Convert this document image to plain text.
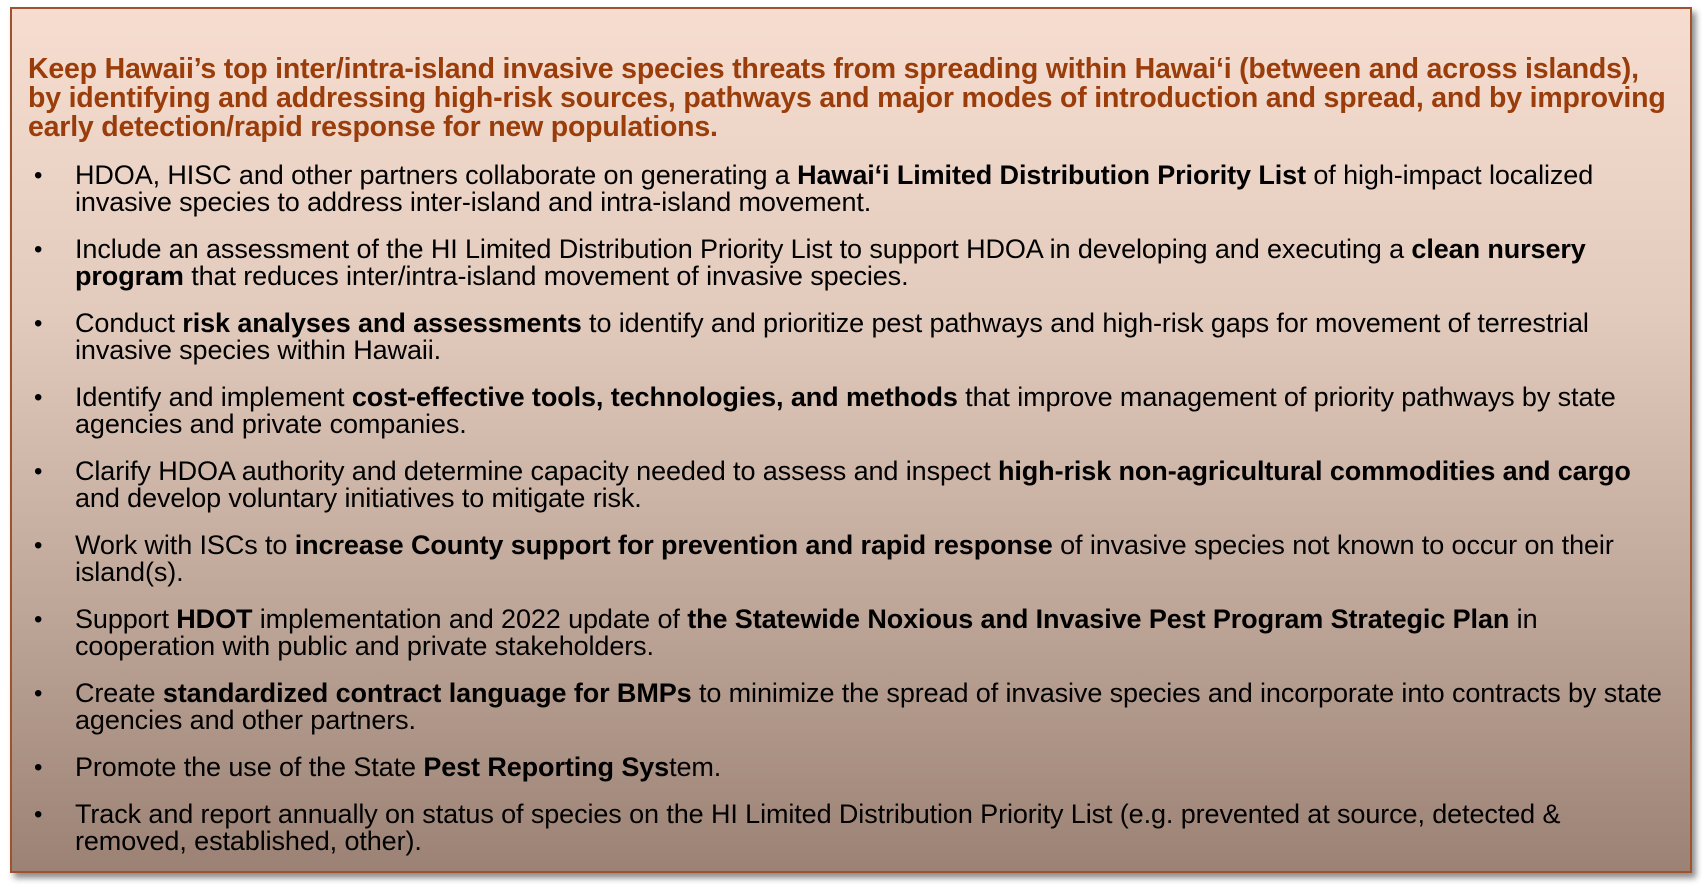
Keep Hawaii’s top inter/intra-island invasive species threats from spreading within Hawai‘i (between and across islands), by identifying and addressing high-risk sources, pathways and major modes of introduction and spread, and by improving early detection/rapid response for new populations.
• HDOA, HISC and other partners collaborate on generating a Hawai‘i Limited Distribution Priority List of high-impact localized invasive species to address inter-island and intra-island movement.
• Include an assessment of the HI Limited Distribution Priority List to support HDOA in developing and executing a clean nursery program that reduces inter/intra-island movement of invasive species.
• Conduct risk analyses and assessments to identify and prioritize pest pathways and high-risk gaps for movement of terrestrial invasive species within Hawaii.
• Identify and implement cost-effective tools, technologies, and methods that improve management of priority pathways by state agencies and private companies.
• Clarify HDOA authority and determine capacity needed to assess and inspect high-risk non-agricultural commodities and cargo and develop voluntary initiatives to mitigate risk.
• Work with ISCs to increase County support for prevention and rapid response of invasive species not known to occur on their island(s).
• Support HDOT implementation and 2022 update of the Statewide Noxious and Invasive Pest Program Strategic Plan in cooperation with public and private stakeholders.
• Create standardized contract language for BMPs to minimize the spread of invasive species and incorporate into contracts by state agencies and other partners.
• Promote the use of the State Pest Reporting System.
• Track and report annually on status of species on the HI Limited Distribution Priority List (e.g. prevented at source, detected & removed, established, other).
